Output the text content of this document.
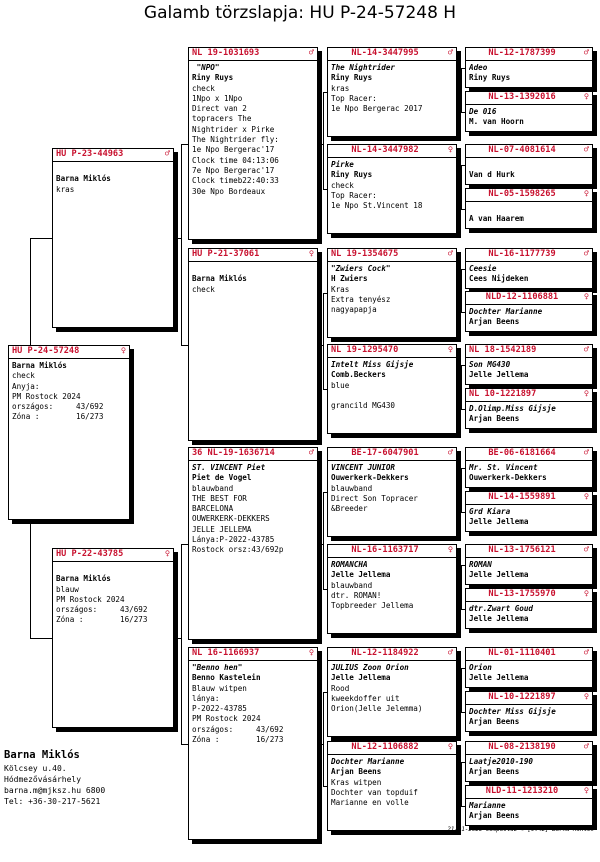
Galamb törzslapja: HU P-24-57248 H
HU P-24-57248	♀
Barna Miklós
check
Anyja:
PM Rostock 2024
országos:     43/692
Zóna :        16/273
HU P-23-44963	♂
Barna Miklós
kras
HU P-22-43785	♀
Barna Miklós
blauw
PM Rostock 2024
országos:     43/692
Zóna :        16/273
NL 19-1031693	♂
"NPO"
Riny Ruys
check
1Npo x 1Npo
Direct van 2
topracers The
Nightrider x Pirke
The Nightrider fly:
1e Npo Bergerac'17
Clock time 04:13:06
7e Npo Bergerac'17
Clock timeb22:40:33
30e Npo Bordeaux
HU P-21-37061	♀
Barna Miklós
check
36 NL-19-1636714	♂
ST. VINCENT Piet
Piet de Vogel
blauwband
THE BEST FOR
BARCELONA
OUWERKERK-DEKKERS
JELLE JELLEMA
Lánya:P-2022-43785
Rostock orsz:43/692p
NL 16-1166937	♀
"Benno hen"
Benno Kastelein
Blauw witpen
lánya:
P-2022-43785
PM Rostock 2024
országos:     43/692
Zóna :        16/273
NL-14-3447995	♂
The Nightrider
Riny Ruys
kras
Top Racer:
1e Npo Bergerac 2017
NL-14-3447982	♀
Pirke
Riny Ruys
check
Top Racer:
1e Npo St.Vincent 18
NL 19-1354675	♂
"Zwiers Cock"
H Zwiers
Kras
Extra tenyész
nagyapapja
NL 19-1295470	♀
Intelt Miss Gijsje
Comb.Beckers
blue
grancild MG430
BE-17-6047901	♂
VINCENT JUNIOR
Ouwerkerk-Dekkers
blauwband
Direct Son Topracer
&Breeder
NL-16-1163717	♀
ROMANCHA
Jelle Jellema
blauwband
dtr. ROMAN!
Topbreeder Jellema
NL-12-1184922	♂
JULIUS Zoon Orion
Jelle Jellema
Rood
kweekdoffer uit
Orion(Jelle Jelemma)
NL-12-1106882	♀
Dochter Marianne
Arjan Beens
Kras witpen
Dochter van topduif
Marianne en volle
NL-12-1787399	♂
Adeo
Riny Ruys
NL-13-1392016	♀
De 016
M. van Hoorn
NL-07-4081614	♂
Van d Hurk
NL-05-1598265	♀
A van Haarem
NL-16-1177739	♂
Ceesie
Cees Nijdeken
NLD-12-1106881	♀
Dochter Marianne
Arjan Beens
NL 18-1542189	♂
Son MG430
Jelle Jellema
NL 10-1221897	♀
D.Olimp.Miss Gijsje
Arjan Beens
BE-06-6181664	♂
Mr. St. Vincent
Ouwerkerk-Dekkers
NL-14-1559891	♀
Grd Kiara
Jelle Jellema
NL-13-1756121	♂
ROMAN
Jelle Jellema
NL-13-1755970	♀
dtr.Zwart Goud
Jelle Jellema
NL-01-1110401	♂
Orion
Jelle Jellema
NL-10-1221897	♀
Dochter Miss Gijsje
Arjan Beens
NL-08-2138190	♂
Laatje2010-190
Arjan Beens
NLD-11-1213210	♀
Marianne
Arjan Beens
Barna Miklós
Kölcsey u.40.
Hódmezővásárhely
barna.m@mjksz.hu 6800
Tel: +36-30-217-5621
21-01-2025 Compuclub ® [9.42] Barna Miklós
